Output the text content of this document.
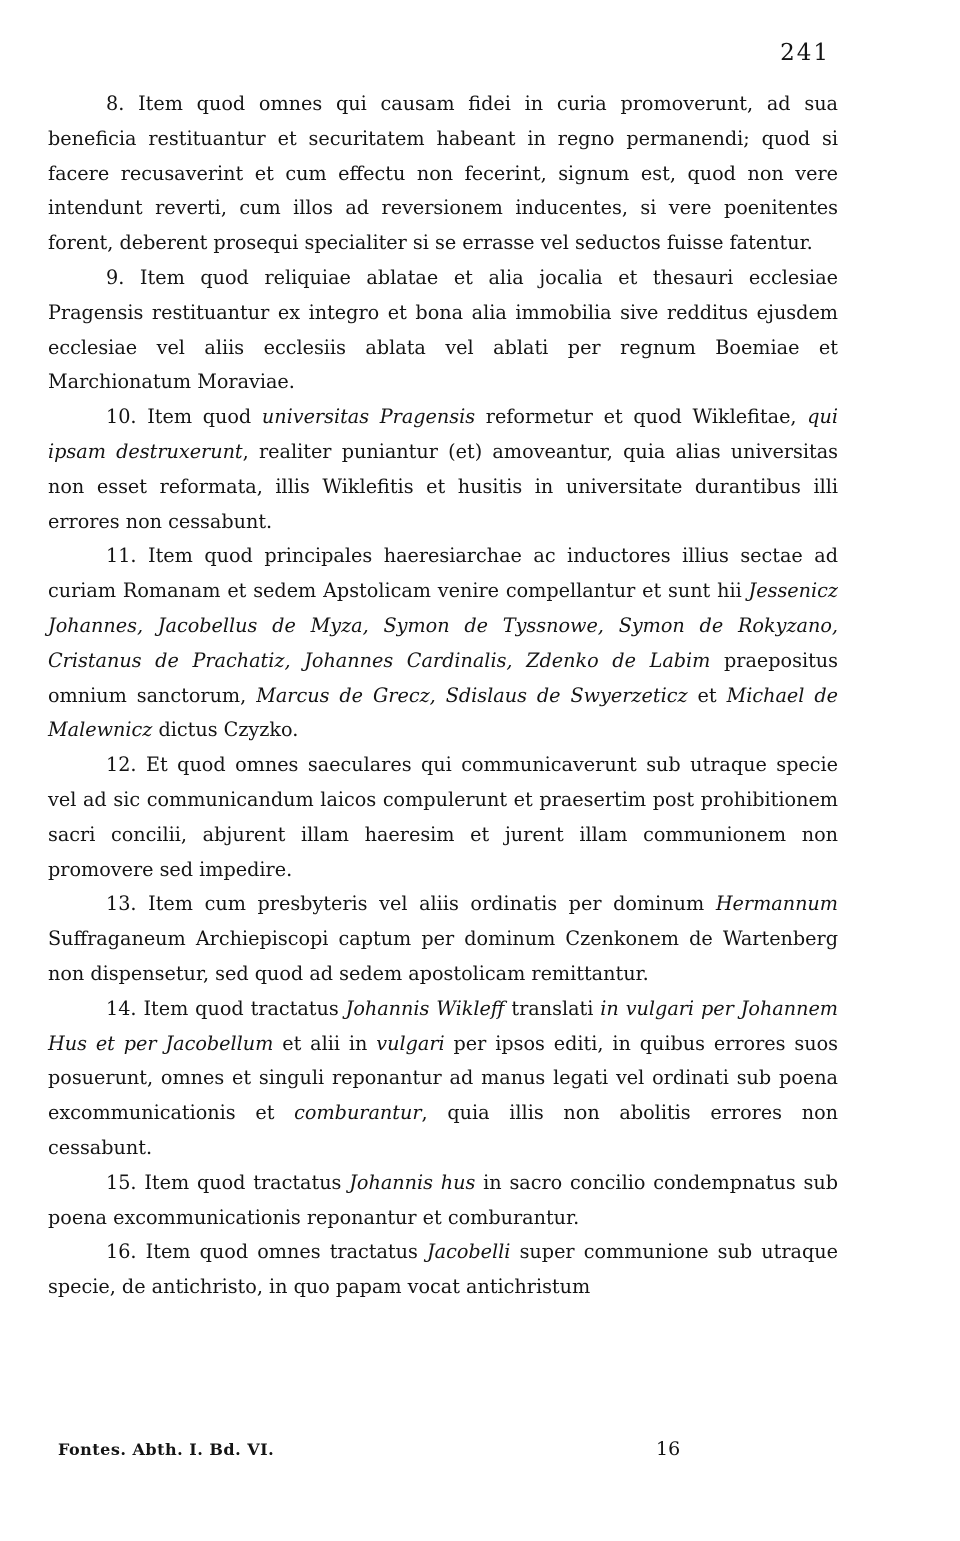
241

8. Item quod omnes qui causam fidei in curia promoverunt, ad sua beneficia restituantur et securitatem habeant in regno permanendi; quod si facere recusaverint et cum effectu non fecerint, signum est, quod non vere intendunt reverti, cum illos ad reversionem inducentes, si vere poenitentes forent, deberent prosequi specialiter si se errasse vel seductos fuisse fatentur.

9. Item quod reliquiae ablatae et alia jocalia et thesauri ecclesiae Pragensis restituantur ex integro et bona alia immobilia sive redditus ejusdem ecclesiae vel aliis ecclesiis ablata vel ablati per regnum Boemiae et Marchionatum Moraviae.

10. Item quod universitas Pragensis reformetur et quod Wiklefitae, qui ipsam destruxerunt, realiter puniantur (et) amoveantur, quia alias universitas non esset reformata, illis Wiklefitis et husitis in universitate durantibus illi errores non cessabunt.

11. Item quod principales haeresiarchae ac inductores illius sectae ad curiam Romanam et sedem Apstolicam venire compellantur et sunt hii Jessenicz Johannes, Jacobellus de Myza, Symon de Tyssnowe, Symon de Rokyzano, Cristanus de Prachatiz, Johannes Cardinalis, Zdenko de Labim praepositus omnium sanctorum, Marcus de Grecz, Sdislaus de Swyerzeticz et Michael de Malewnicz dictus Czyzko.

12. Et quod omnes saeculares qui communicaverunt sub utraque specie vel ad sic communicandum laicos compulerunt et praesertim post prohibitionem sacri concilii, abjurent illam haeresim et jurent illam communionem non promovere sed impedire.

13. Item cum presbyteris vel aliis ordinatis per dominum Hermannum Suffraganeum Archiepiscopi captum per dominum Czenkonem de Wartenberg non dispensetur, sed quod ad sedem apostolicam remittantur.

14. Item quod tractatus Johannis Wikleff translati in vulgari per Johannem Hus et per Jacobellum et alii in vulgari per ipsos editi, in quibus errores suos posuerunt, omnes et singuli reponantur ad manus legati vel ordinati sub poena excommunicationis et comburantur, quia illis non abolitis errores non cessabunt.

15. Item quod tractatus Johannis hus in sacro concilio condempnatus sub poena excommunicationis reponantur et comburantur.

16. Item quod omnes tractatus Jacobelli super communione sub utraque specie, de antichristo, in quo papam vocat antichristum

Fontes. Abth. I. Bd. VI.	16
